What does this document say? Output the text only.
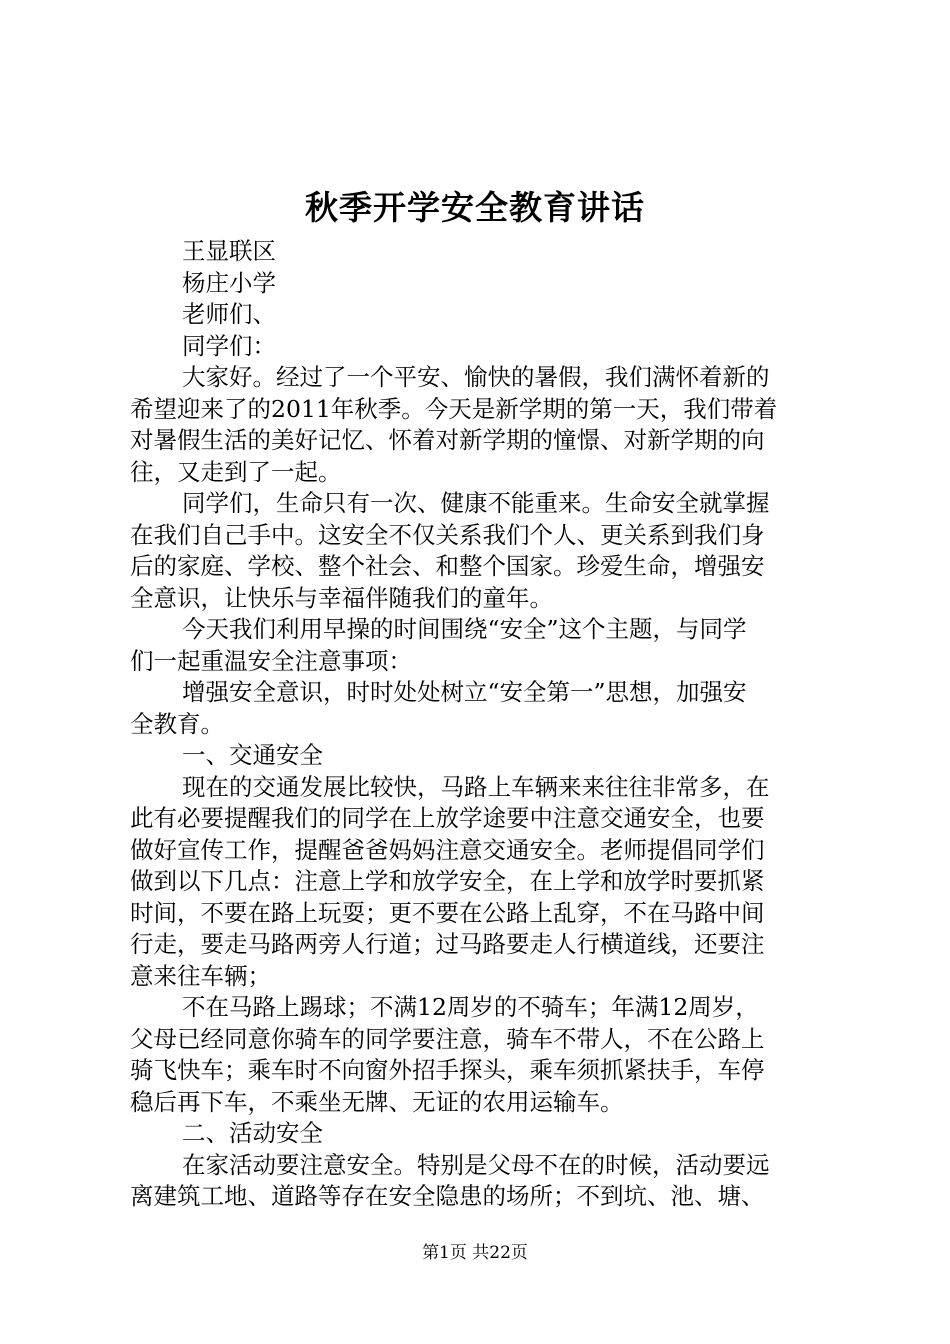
秋季开学安全教育讲话
王显联区
杨庄小学
老师们、
同学们：
大家好。经过了一个平安、愉快的暑假，我们满怀着新的
希望迎来了的2011年秋季。今天是新学期的第一天，我们带着
对暑假生活的美好记忆、怀着对新学期的憧憬、对新学期的向
往，又走到了一起。
同学们，生命只有一次、健康不能重来。生命安全就掌握
在我们自己手中。这安全不仅关系我们个人、更关系到我们身
后的家庭、学校、整个社会、和整个国家。珍爱生命，增强安
全意识，让快乐与幸福伴随我们的童年。
今天我们利用早操的时间围绕“安全”这个主题，与同学
们一起重温安全注意事项：
增强安全意识，时时处处树立“安全第一”思想，加强安
全教育。
一、交通安全
现在的交通发展比较快，马路上车辆来来往往非常多，在
此有必要提醒我们的同学在上放学途要中注意交通安全，也要
做好宣传工作，提醒爸爸妈妈注意交通安全。老师提倡同学们
做到以下几点：注意上学和放学安全，在上学和放学时要抓紧
时间，不要在路上玩耍；更不要在公路上乱穿，不在马路中间
行走，要走马路两旁人行道；过马路要走人行横道线，还要注
意来往车辆；
不在马路上踢球；不满12周岁的不骑车；年满12周岁，
父母已经同意你骑车的同学要注意，骑车不带人，不在公路上
骑飞快车；乘车时不向窗外招手探头，乘车须抓紧扶手，车停
稳后再下车，不乘坐无牌、无证的农用运输车。
二、活动安全
在家活动要注意安全。特别是父母不在的时候，活动要远
离建筑工地、道路等存在安全隐患的场所；不到坑、池、塘、
第1页 共22页
